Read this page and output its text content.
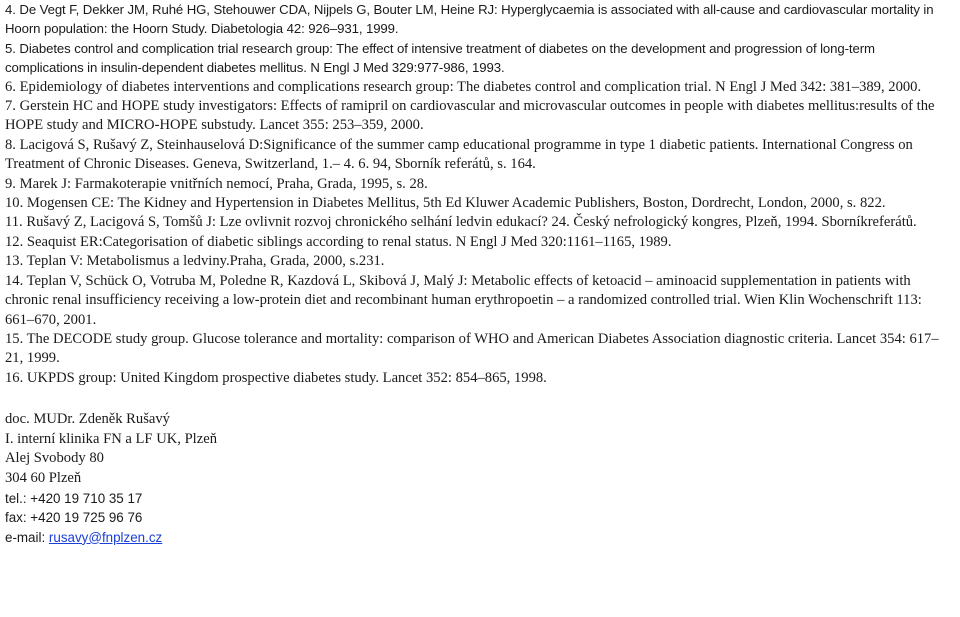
4. De Vegt F, Dekker JM, Ruhé HG, Stehouwer CDA, Nijpels G, Bouter LM, Heine RJ: Hyperglycaemia is associated with all-cause and cardiovascular mortality in Hoorn population: the Hoorn Study. Diabetologia 42: 926–931, 1999.
5. Diabetes control and complication trial research group: The effect of intensive treatment of diabetes on the development and progression of long-term complications in insulin-dependent diabetes mellitus. N Engl J Med 329:977-986, 1993.
6. Epidemiology of diabetes interventions and complications research group: The diabetes control and complication trial. N Engl J Med 342: 381–389, 2000.
7. Gerstein HC and HOPE study investigators: Effects of ramipril on cardiovascular and microvascular outcomes in people with diabetes mellitus:results of the HOPE study and MICRO-HOPE substudy. Lancet 355: 253–359, 2000.
8. Lacigová S, Rušavý Z, Steinhauselová D:Significance of the summer camp educational programme in type 1 diabetic patients. International Congress on Treatment of Chronic Diseases. Geneva, Switzerland, 1.– 4. 6. 94, Sborník referátů, s. 164.
9. Marek J: Farmakoterapie vnitřních nemocí, Praha, Grada, 1995, s. 28.
10. Mogensen CE: The Kidney and Hypertension in Diabetes Mellitus, 5th Ed Kluwer Academic Publishers, Boston, Dordrecht, London, 2000, s. 822.
11. Rušavý Z, Lacigová S, Tomšů J: Lze ovlivnit rozvoj chronického selhání ledvin edukací? 24. Český nefrologický kongres, Plzeň, 1994. Sborníkreferátů.
12. Seaquist ER:Categorisation of diabetic siblings according to renal status. N Engl J Med 320:1161–1165, 1989.
13. Teplan V: Metabolismus a ledviny.Praha, Grada, 2000, s.231.
14. Teplan V, Schück O, Votruba M, Poledne R, Kazdová L, Skibová J, Malý J: Metabolic effects of ketoacid – aminoacid supplementation in patients with chronic renal insufficiency receiving a low-protein diet and recombinant human erythropoetin – a randomized controlled trial. Wien Klin Wochenschrift 113: 661–670, 2001.
15. The DECODE study group. Glucose tolerance and mortality: comparison of WHO and American Diabetes Association diagnostic criteria. Lancet 354: 617–21, 1999.
16. UKPDS group: United Kingdom prospective diabetes study. Lancet 352: 854–865, 1998.
doc. MUDr. Zdeněk Rušavý
I. interní klinika FN a LF UK, Plzeň
Alej Svobody 80
304 60 Plzeň
tel.: +420 19 710 35 17
fax: +420 19 725 96 76
e-mail: rusavy@fnplzen.cz
